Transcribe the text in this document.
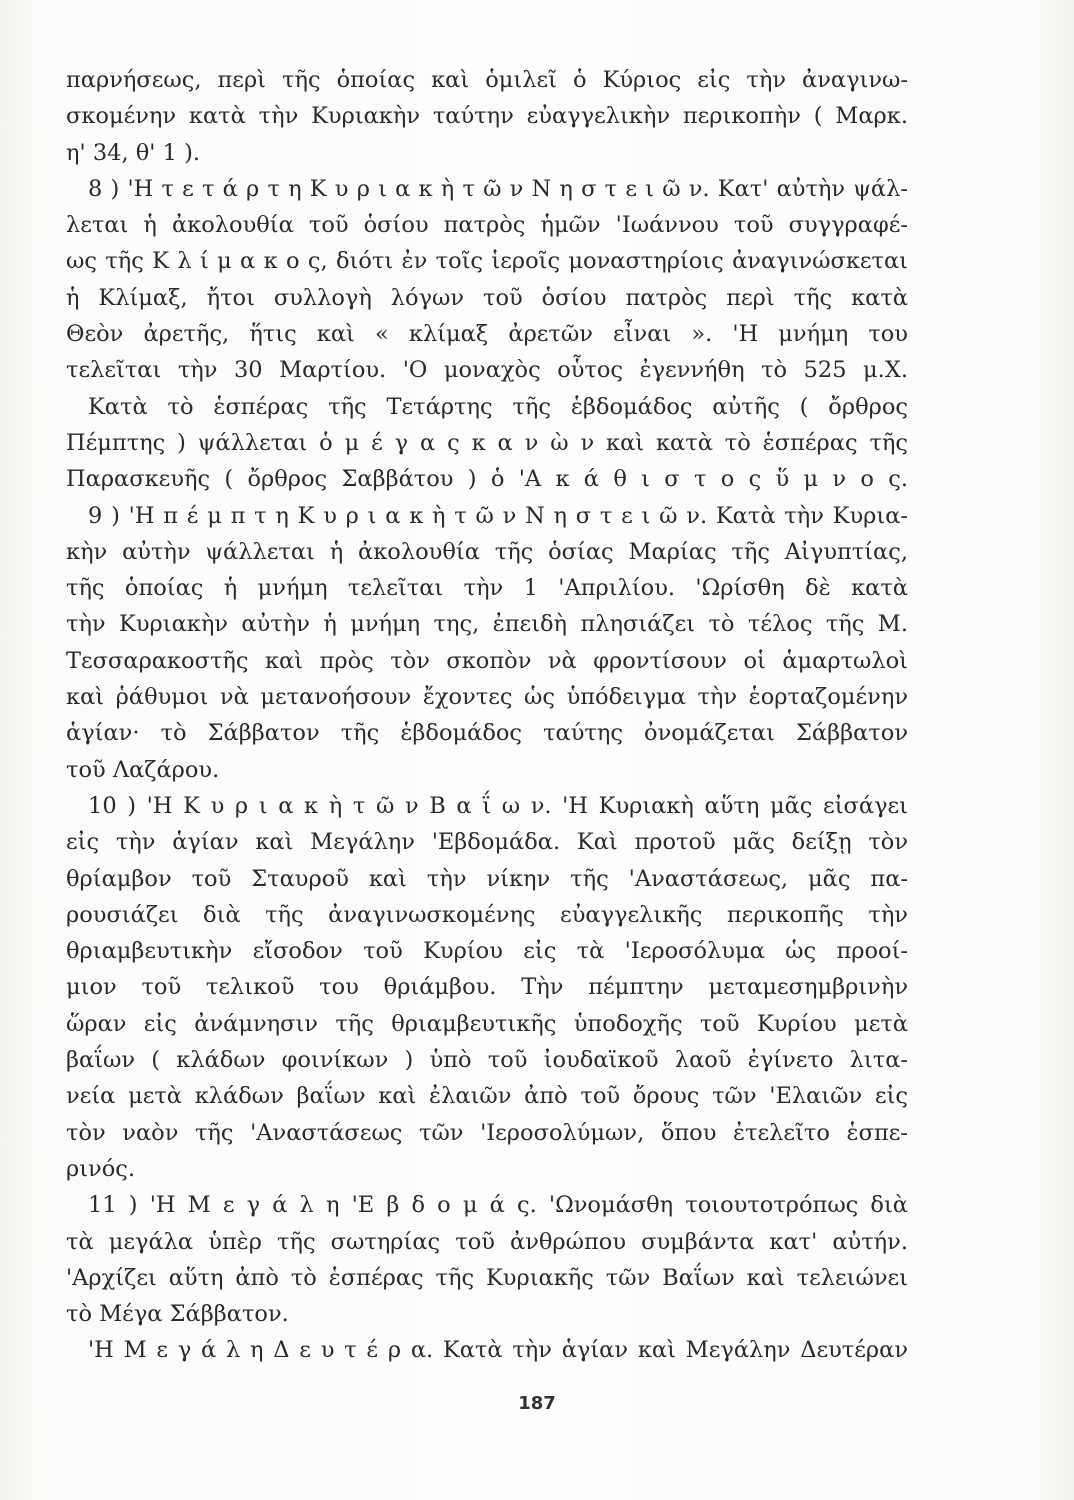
παρνήσεως, περὶ τῆς ὁποίας καὶ ὁμιλεῖ ὁ Κύριος εἰς τὴν ἀναγινω-
σκομένην κατὰ τὴν Κυριακὴν ταύτην εὐαγγελικὴν περικοπὴν ( Μαρκ.
η' 34, θ' 1 ).
8 ) 'Η τ ε τ ά ρ τ η Κ υ ρ ι α κ ὴ τ ῶ ν Ν η σ τ ε ι ῶ ν. Κατ' αὐτὴν ψάλ-
λεται ἡ ἀκολουθία τοῦ ὁσίου πατρὸς ἡμῶν 'Ιωάννου τοῦ συγγραφέ-
ως τῆς Κ λ ί μ α κ ο ς, διότι ἐν τοῖς ἱεροῖς μοναστηρίοις ἀναγινώσκεται
ἡ Κλίμαξ, ἤτοι συλλογὴ λόγων τοῦ ὁσίου πατρὸς περὶ τῆς κατὰ
Θεὸν ἀρετῆς, ἥτις καὶ « κλίμαξ ἀρετῶν εἶναι ». 'Η μνήμη του
τελεῖται τὴν 30 Μαρτίου. 'Ο μοναχὸς οὗτος ἐγεννήθη τὸ 525 μ.Χ.
Κατὰ τὸ ἑσπέρας τῆς Τετάρτης τῆς ἑβδομάδος αὐτῆς ( ὄρθρος
Πέμπτης ) ψάλλεται ὁ μ έ γ α ς κ α ν ὼ ν καὶ κατὰ τὸ ἑσπέρας τῆς
Παρασκευῆς ( ὄρθρος Σαββάτου ) ὁ 'Α κ ά θ ι σ τ ο ς ὕ μ ν ο ς.
9 ) 'Η π έ μ π τ η Κ υ ρ ι α κ ὴ τ ῶ ν Ν η σ τ ε ι ῶ ν. Κατὰ τὴν Κυρια-
κὴν αὐτὴν ψάλλεται ἡ ἀκολουθία τῆς ὁσίας Μαρίας τῆς Αἰγυπτίας,
τῆς ὁποίας ἡ μνήμη τελεῖται τὴν 1 'Απριλίου. 'Ωρίσθη δὲ κατὰ
τὴν Κυριακὴν αὐτὴν ἡ μνήμη της, ἐπειδὴ πλησιάζει τὸ τέλος τῆς Μ.
Τεσσαρακοστῆς καὶ πρὸς τὸν σκοπὸν νὰ φροντίσουν οἱ ἁμαρτωλοὶ
καὶ ῥάθυμοι νὰ μετανοήσουν ἔχοντες ὡς ὑπόδειγμα τὴν ἑορταζομένην
ἁγίαν· τὸ Σάββατον τῆς ἑβδομάδος ταύτης ὀνομάζεται Σάββατον
τοῦ Λαζάρου.
10 ) 'Η Κ υ ρ ι α κ ὴ τ ῶ ν Β α ΐ ω ν. 'Η Κυριακὴ αὕτη μᾶς εἰσάγει
εἰς τὴν ἁγίαν καὶ Μεγάλην 'Εβδομάδα. Καὶ προτοῦ μᾶς δείξῃ τὸν
θρίαμβον τοῦ Σταυροῦ καὶ τὴν νίκην τῆς 'Αναστάσεως, μᾶς πα-
ρουσιάζει διὰ τῆς ἀναγινωσκομένης εὐαγγελικῆς περικοπῆς τὴν
θριαμβευτικὴν εἴσοδον τοῦ Κυρίου εἰς τὰ 'Ιεροσόλυμα ὡς προοί-
μιον τοῦ τελικοῦ του θριάμβου. Τὴν πέμπτην μεταμεσημβρινὴν
ὥραν εἰς ἀνάμνησιν τῆς θριαμβευτικῆς ὑποδοχῆς τοῦ Κυρίου μετὰ
βαΐων ( κλάδων φοινίκων ) ὑπὸ τοῦ ἰουδαϊκοῦ λαοῦ ἐγίνετο λιτα-
νεία μετὰ κλάδων βαΐων καὶ ἐλαιῶν ἀπὸ τοῦ ὄρους τῶν 'Ελαιῶν εἰς
τὸν ναὸν τῆς 'Αναστάσεως τῶν 'Ιεροσολύμων, ὅπου ἐτελεῖτο ἑσπε-
ρινός.
11 ) 'Η Μ ε γ ά λ η 'Ε β δ ο μ ά ς. 'Ωνομάσθη τοιουτοτρόπως διὰ
τὰ μεγάλα ὑπὲρ τῆς σωτηρίας τοῦ ἀνθρώπου συμβάντα κατ' αὐτήν.
'Αρχίζει αὕτη ἀπὸ τὸ ἑσπέρας τῆς Κυριακῆς τῶν Βαΐων καὶ τελειώνει
τὸ Μέγα Σάββατον.
'Η Μ ε γ ά λ η Δ ε υ τ έ ρ α. Κατὰ τὴν ἁγίαν καὶ Μεγάλην Δευτέραν
187
